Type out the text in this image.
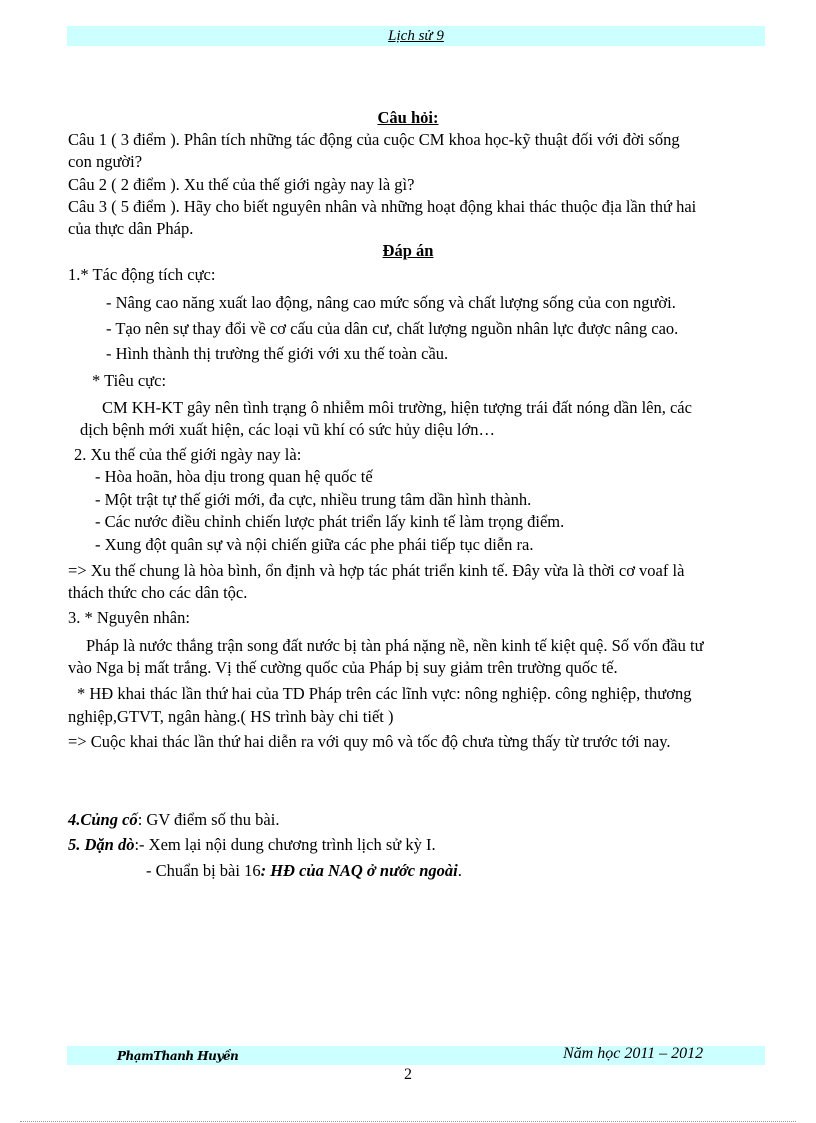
Lịch sử 9
Câu hỏi:
Câu 1 ( 3 điểm ). Phân tích những tác động của cuộc CM khoa học-kỹ thuật đối với đời sống
con người?
Câu 2 ( 2 điểm ). Xu thế của thế giới ngày nay là gì?
Câu 3 ( 5 điểm ). Hãy cho biết nguyên nhân và những hoạt động khai thác thuộc địa lần thứ hai
của thực dân Pháp.
Đáp án
1.* Tác động tích cực:
- Nâng cao năng xuất lao động, nâng cao mức sống và chất lượng sống của con người.
- Tạo nên sự thay đổi về cơ cấu của dân cư, chất lượng nguồn nhân lực được nâng cao.
- Hình thành thị trường thế giới với xu thế toàn cầu.
* Tiêu cực:
CM KH-KT gây nên tình trạng ô nhiễm môi trường, hiện tượng trái đất nóng dần lên, các
dịch bệnh mới xuất hiện, các loại vũ khí có sức hủy diệu lớn…
2. Xu thế của thế giới ngày nay là:
- Hòa hoãn, hòa dịu trong quan hệ quốc tế
- Một trật tự thế giới mới, đa cực, nhiều trung tâm dần hình thành.
- Các nước điều chỉnh chiến lược phát triển lấy kinh tế làm trọng điểm.
- Xung đột quân sự và nội chiến giữa các phe phái tiếp tục diễn ra.
=> Xu thế chung là hòa bình, ổn định và hợp tác phát triển kinh tế. Đây vừa là thời cơ voaf là
thách thức cho các dân tộc.
3. * Nguyên nhân:
Pháp là nước thắng trận song đất nước bị tàn phá nặng nề, nền kinh tế kiệt quệ. Số vốn đầu tư
vào Nga bị mất trắng. Vị thế cường quốc của Pháp bị suy giảm trên trường quốc tế.
* HĐ khai thác lần thứ hai của TD Pháp trên các lĩnh vực: nông nghiệp. công nghiệp, thương
nghiệp,GTVT, ngân hàng.( HS trình bày chi tiết )
=> Cuộc khai thác lần thứ hai diễn ra với quy mô và tốc độ chưa từng thấy từ trước tới nay.
4.Củng cố: GV điểm số thu bài.
5. Dặn dò:- Xem lại nội dung chương trình lịch sử kỳ I.
- Chuẩn bị bài 16: HĐ của NAQ ở nước ngoài.
PhạmThanh Huyền	Năm học 2011 – 2012
2
